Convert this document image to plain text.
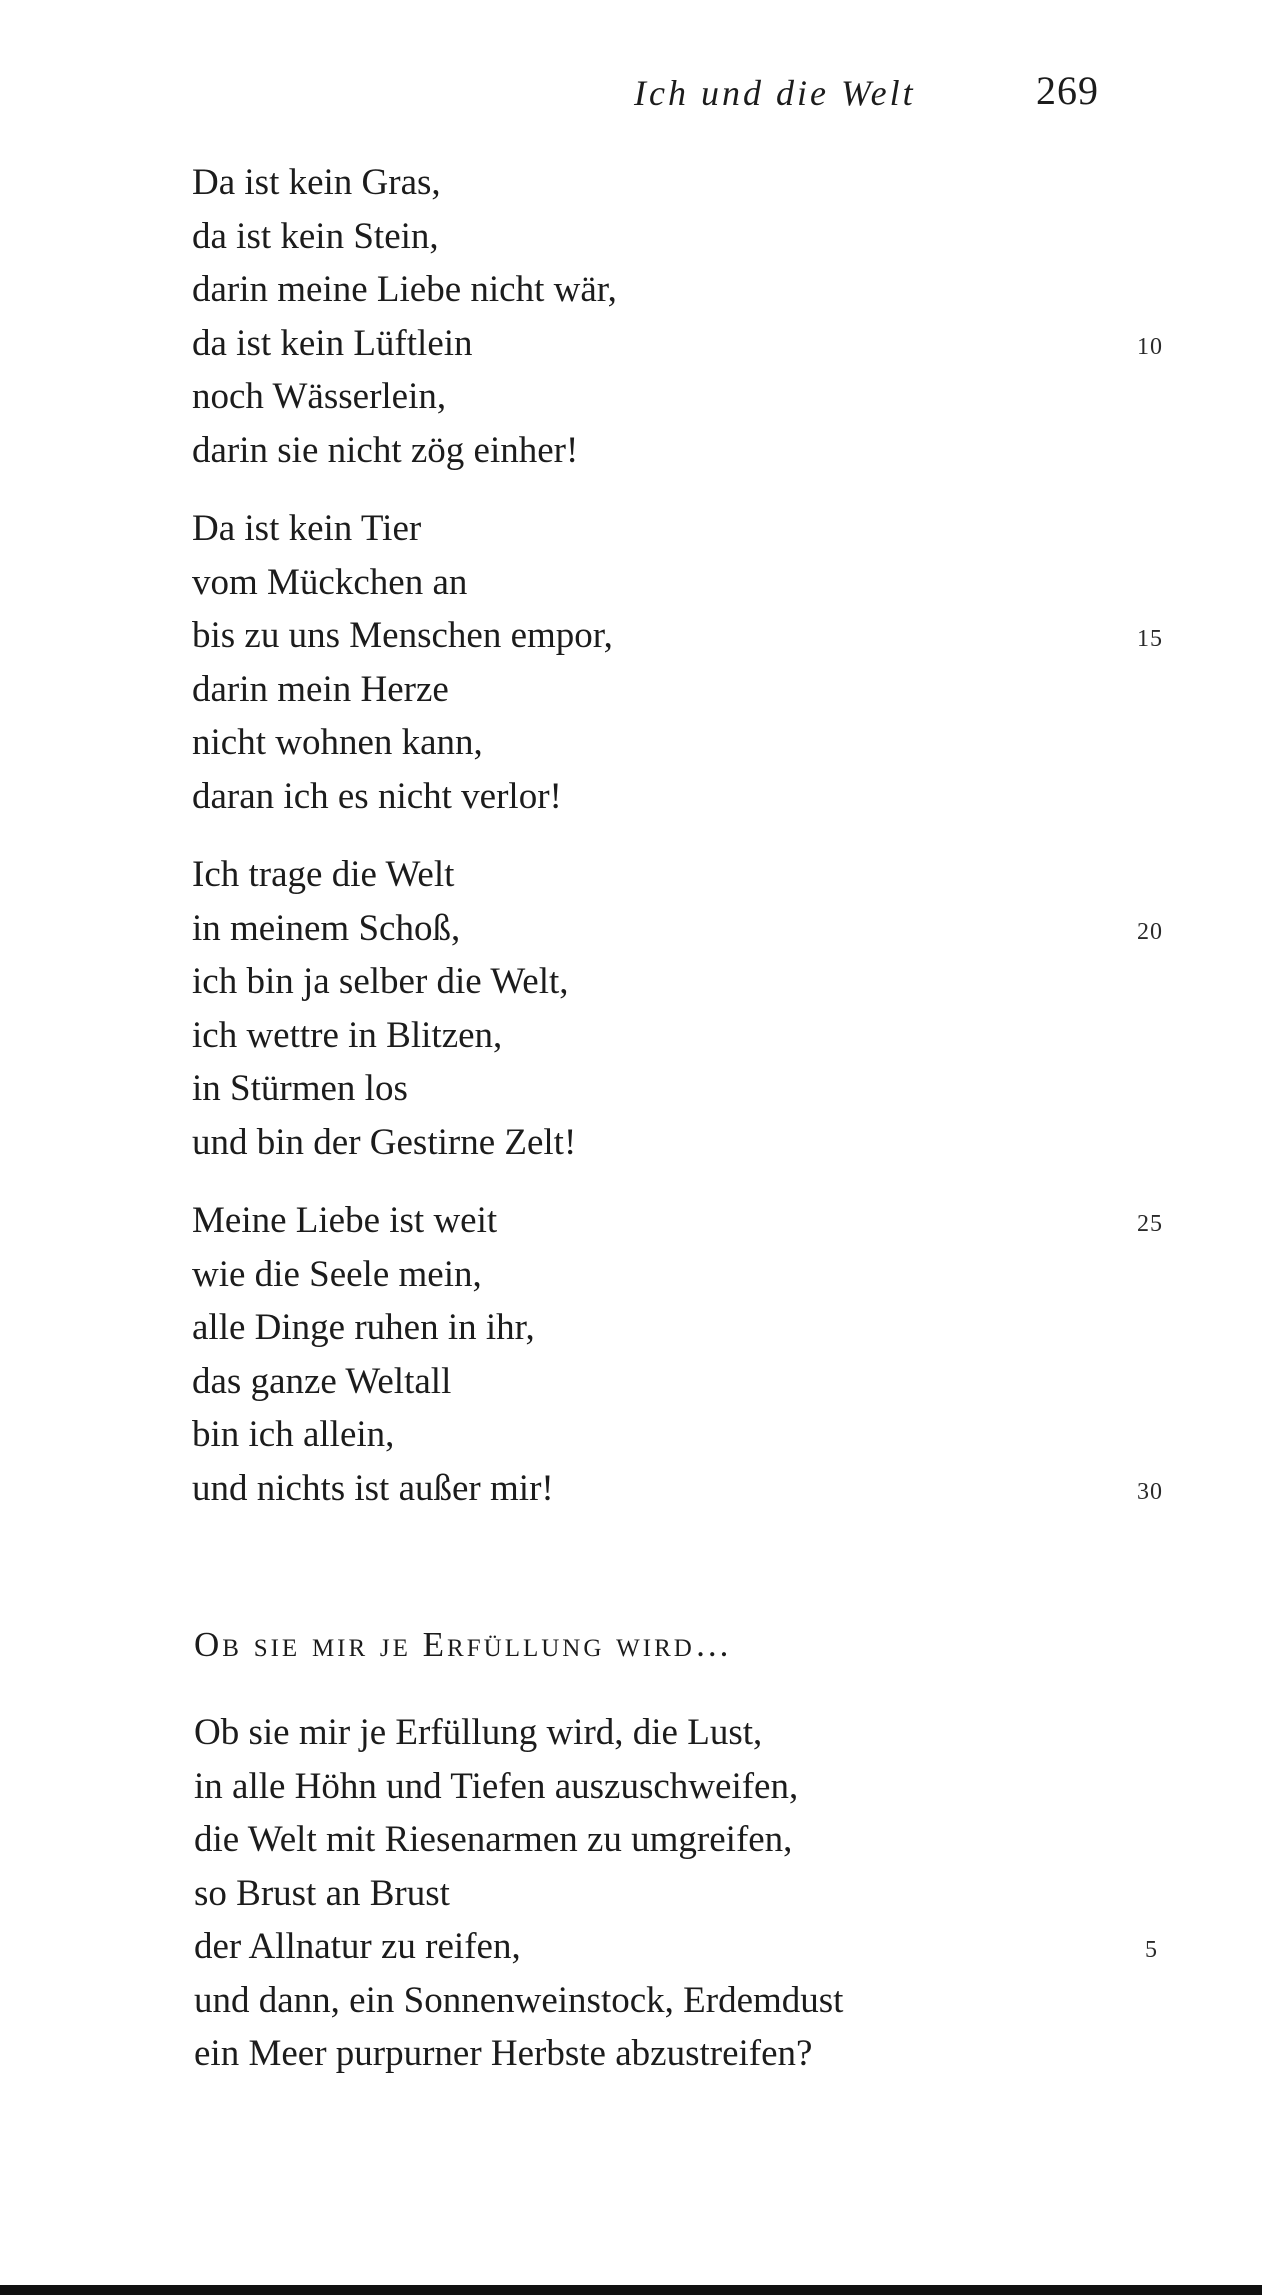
Ich und die Welt	269
Da ist kein Gras,
da ist kein Stein,
darin meine Liebe nicht wär,
da ist kein Lüftlein	10
noch Wässerlein,
darin sie nicht zög einher!
Da ist kein Tier
vom Mückchen an
bis zu uns Menschen empor,	15
darin mein Herze
nicht wohnen kann,
daran ich es nicht verlor!
Ich trage die Welt
in meinem Schoß,	20
ich bin ja selber die Welt,
ich wettre in Blitzen,
in Stürmen los
und bin der Gestirne Zelt!
Meine Liebe ist weit	25
wie die Seele mein,
alle Dinge ruhen in ihr,
das ganze Weltall
bin ich allein,
und nichts ist außer mir!	30
Ob sie mir je Erfüllung wird…
Ob sie mir je Erfüllung wird, die Lust,
in alle Höhn und Tiefen auszuschweifen,
die Welt mit Riesenarmen zu umgreifen,
so Brust an Brust
der Allnatur zu reifen,	5
und dann, ein Sonnenweinstock, Erdemdust
ein Meer purpurner Herbste abzustreifen?
